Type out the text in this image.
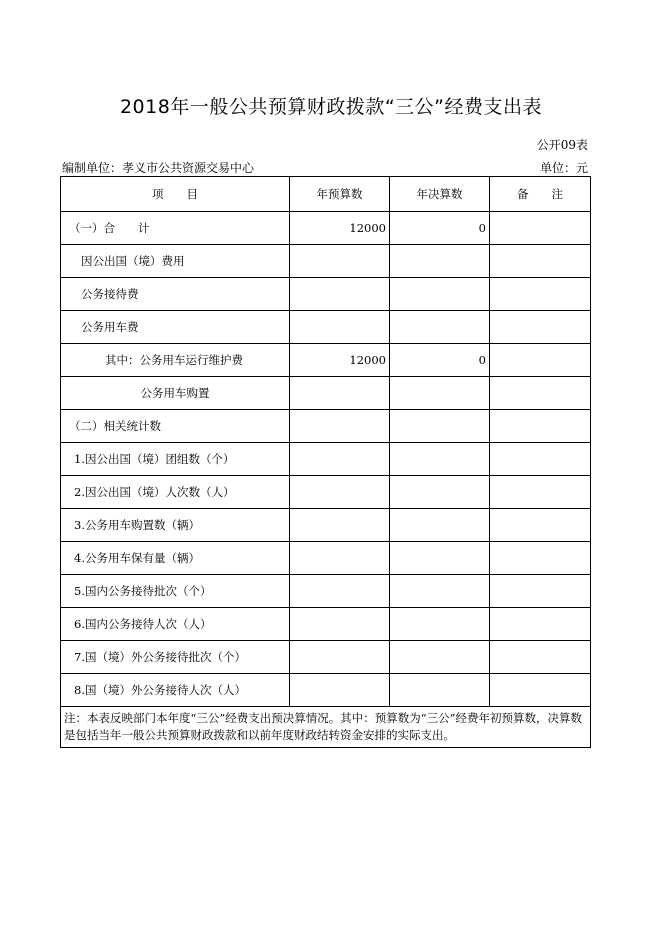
2018年一般公共预算财政拨款“三公”经费支出表
公开09表
编制单位：孝义市公共资源交易中心	单位：元
项　　目	年预算数	年决算数	备　　注
（一）合　　计	12000	0	
因公出国（境）费用			
公务接待费			
公务用车费			
其中：公务用车运行维护费	12000	0	
公务用车购置			
（二）相关统计数			
1.因公出国（境）团组数（个）			
2.因公出国（境）人次数（人）			
3.公务用车购置数（辆）			
4.公务用车保有量（辆）			
5.国内公务接待批次（个）			
6.国内公务接待人次（人）			
7.国（境）外公务接待批次（个）			
8.国（境）外公务接待人次（人）			
注：本表反映部门本年度“三公”经费支出预决算情况。其中：预算数为“三公”经费年初预算数，决算数是包括当年一般公共预算财政拨款和以前年度财政结转资金安排的实际支出。			
